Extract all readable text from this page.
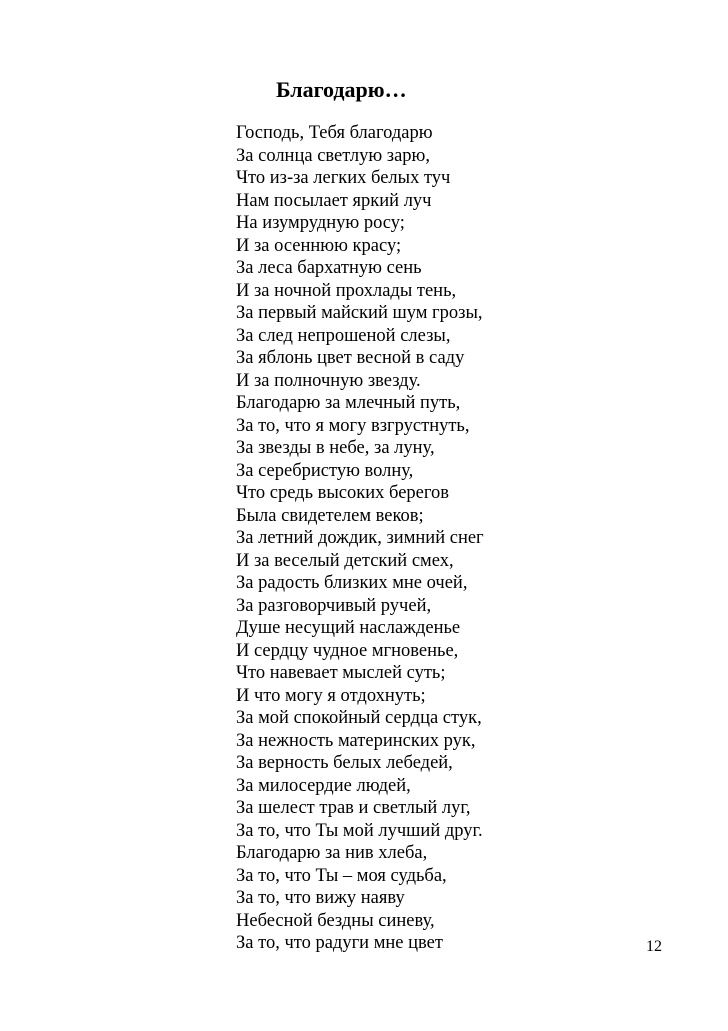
Благодарю…
Господь, Тебя благодарю
За солнца светлую зарю,
Что из-за легких белых туч
Нам посылает яркий луч
На изумрудную росу;
И за осеннюю красу;
За леса бархатную сень
И за ночной прохлады тень,
За первый майский шум грозы,
За след непрошеной слезы,
За яблонь цвет весной в саду
И за полночную звезду.
Благодарю за млечный путь,
За то, что я могу взгрустнуть,
За звезды в небе, за луну,
За серебристую волну,
Что средь высоких берегов
Была свидетелем веков;
За летний дождик, зимний снег
И за веселый детский смех,
За радость близких мне очей,
За разговорчивый ручей,
Душе несущий наслажденье
И сердцу чудное мгновенье,
Что навевает мыслей суть;
И что могу я отдохнуть;
За мой спокойный сердца стук,
За нежность материнских рук,
За верность белых лебедей,
За милосердие людей,
За шелест трав и светлый луг,
За то, что Ты мой лучший друг.
Благодарю за нив хлеба,
За то, что Ты – моя судьба,
За то, что вижу наяву
Небесной бездны синеву,
За то, что радуги мне цвет	12
